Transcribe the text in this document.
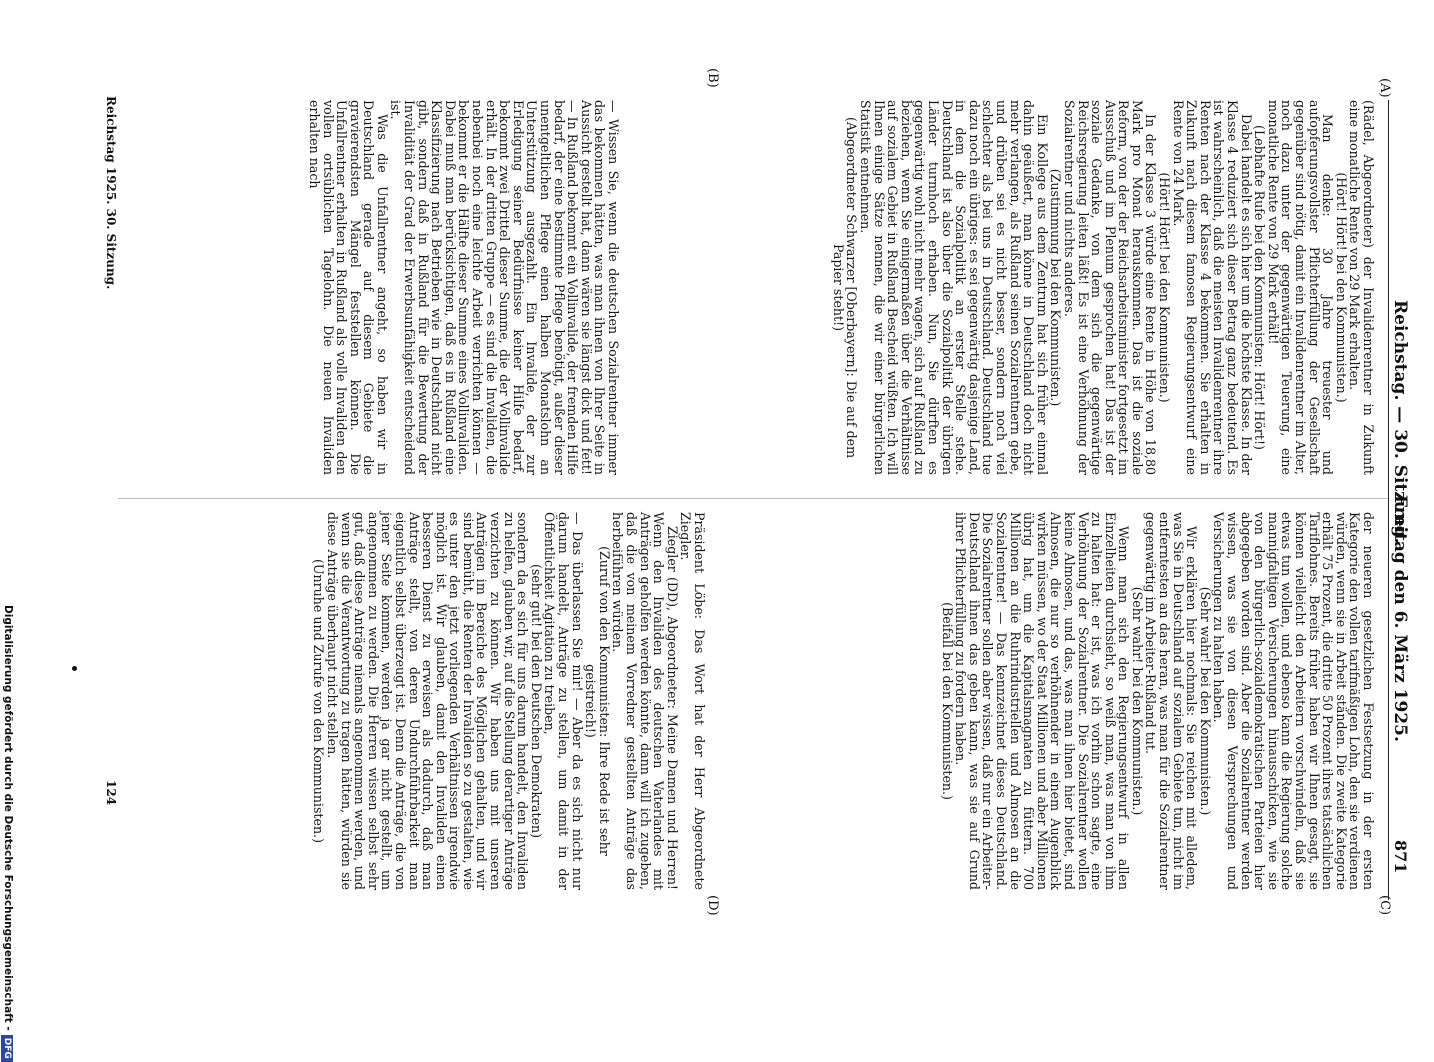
Reichstag. — 30. Sitzung.
Freitag den 6. März 1925.
871
(A)
(B)
(C)
(D)

(Rädel, Abgeordneter) der Invalidenrentner in Zukunft eine monatliche Rente von 29 Mark erhalten.

(Hört! Hört! bei den Kommunisten.)

Man denke: 30 Jahre treuester und aufopferungsvollster Pflichterfüllung der Gesellschaft gegenüber sind nötig, damit ein Invalidenrentner im Alter, noch dazu unter der gegenwärtigen Teuerung, eine monatliche Rente von 29 Mark erhält!

(Lebhafte Rufe bei den Kommunisten: Hört! Hört!)

Dabei handelt es sich hier um die höchste Klasse. In der Klasse 4 reduziert sich dieser Betrag ganz bedeutend. Es ist wahrscheinlich, daß die meisten Invalidenrentner ihre Renten nach der Klasse 4 bekommen. Sie erhalten in Zukunft nach diesem famosen Regierungsentwurf eine Rente von 24 Mark.

(Hört! Hört! bei den Kommunisten.)

In der Klasse 3 würde eine Rente in Höhe von 18,80 Mark pro Monat herauskommen. Das ist die soziale Reform, von der der Reichsarbeitsminister fortgesetzt im Ausschuß und im Plenum gesprochen hat! Das ist der soziale Gedanke, von dem sich die gegenwärtige Reichsregierung leiten läßt! Es ist eine Verhöhnung der Sozialrentner und nichts anderes.

(Zustimmung bei den Kommunisten.)

Ein Kollege aus dem Zentrum hat sich früher einmal dahin geäußert, man könne in Deutschland doch nicht mehr verlangen, als Rußland seinen Sozialrentnern gebe, und drüben sei es nicht besser, sondern noch viel schlechter als bei uns in Deutschland. Deutschland tue dazu noch ein übriges: es sei gegenwärtig dasjenige Land, in dem die Sozialpolitik an erster Stelle stehe. Deutschland ist also über die Sozialpolitik der übrigen Länder turmhoch erhaben. Nun, Sie dürften es gegenwärtig wohl nicht mehr wagen, sich auf Rußland zu beziehen, wenn Sie einigermaßen über die Verhältnisse auf sozialem Gebiet in Rußland Bescheid wüßten. Ich will Ihnen einige Sätze nennen, die wir einer bürgerlichen Statistik entnehmen.

(Abgeordneter Schwarzer [Oberbayern]: Die auf dem Papier steht!)

— Wissen Sie, wenn die deutschen Sozialrentner immer das bekommen hätten, was man ihnen von Ihrer Seite in Aussicht gestellt hat, dann wären sie längst dick und fett! — In Rußland bekommt ein Vollinvalide, der fremden Hilfe bedarf, der eine bestimmte Pflege benötigt, außer dieser unentgeltlichen Pflege einen halben Monatslohn an Unterstützung ausgezahlt. Ein Invalide, der zur Erledigung seiner Bedürfnisse keiner Hilfe bedarf, bekommt zwei Drittel dieser Summe, die der Vollinvalide erhält. In der dritten Gruppe — es sind die Invaliden, die nebenbei noch eine leichte Arbeit verrichten können — bekommt er die Hälfte dieser Summe eines Vollinvaliden. Dabei muß man berücksichtigen, daß es in Rußland eine Klassifizierung nach Betrieben wie in Deutschland nicht gibt, sondern daß in Rußland für die Bewertung der Invalidität der Grad der Erwerbsunfähigkeit entscheidend ist.

Was die Unfallrentner angeht, so haben wir in Deutschland gerade auf diesem Gebiete die gravierendsten Mängel feststellen können. Die Unfallrentner erhalten in Rußland als volle Invaliden den vollen ortsüblichen Tagelohn. Die neuen Invaliden erhalten nach

der neueren gesetzlichen Festsetzung in der ersten Kategorie den vollen tarifmäßigen Lohn, den sie verdienen würden, wenn sie in Arbeit ständen. Die zweite Kategorie erhält 75 Prozent, die dritte 50 Prozent ihres tatsächlichen Tariflohnes. Bereits früher haben wir Ihnen gesagt, sie können vielleicht den Arbeitern vorschwindeln, daß sie etwas tun wollen, und ebenso kann die Regierung solche mannigfaltigen Versicherungen hinausschicken, wie sie von den bürgerlich-sozialdemokratischen Parteien hier abgegeben worden sind. Aber die Sozialrentner werden wissen, was sie von diesen Versprechungen und Versicherungen zu halten haben.

(Sehr wahr! bei den Kommunisten.)

Wir erklären hier nochmals: Sie reichen mit alledem, was Sie in Deutschland auf sozialem Gebiete tun, nicht im entferntesten an das heran, was man für die Sozialrentner gegenwärtig im Arbeiter-Rußland tut.

(Sehr wahr! bei den Kommunisten.)

Wenn man sich den Regierungsentwurf in allen Einzelheiten durchsieht, so weiß man, was man von ihm zu halten hat: er ist, was ich vorhin schon sagte, eine Verhöhnung der Sozialrentner. Die Sozialrentner wollen keine Almosen, und das, was man ihnen hier bietet, sind Almosen, die nur so verhöhnender in einem Augenblick wirken müssen, wo der Staat Millionen und aber Millionen übrig hat, um die Kapitalsmagnaten zu füttern. 700 Millionen an die Ruhrindustriellen und Almosen an die Sozialrentner! — Das kennzeichnet dieses Deutschland. Die Sozialrentner sollen aber wissen, daß nur ein Arbeiter-Deutschland ihnen das geben kann, was sie auf Grund ihrer Pflichterfüllung zu fordern haben.

(Beifall bei den Kommunisten.)

Präsident Löbe: Das Wort hat der Herr Abgeordnete Ziegler.

Ziegler (DD), Abgeordneter: Meine Damen und Herren! Wenn den Invaliden des deutschen Vaterlandes mit Anträgen geholfen werden könnte, dann will ich zugeben, daß die von meinem Vorredner gestellten Anträge das herbeiführen würden.

(Zuruf von den Kommunisten: Ihre Rede ist sehr geistreich!)

— Das überlassen Sie mir! — Aber da es sich nicht nur darum handelt, Anträge zu stellen, um damit in der Öffentlichkeit Agitation zu treiben,

(sehr gut! bei den Deutschen Demokraten)

sondern da es sich für uns darum handelt, den Invaliden zu helfen, glauben wir, auf die Stellung derartiger Anträge verzichten zu können. Wir haben uns mit unseren Anträgen im Bereiche des Möglichen gehalten, und wir sind bemüht, die Renten der Invaliden so zu gestalten, wie es unter den jetzt vorliegenden Verhältnissen irgendwie möglich ist. Wir glauben, damit den Invaliden einen besseren Dienst zu erweisen als dadurch, daß man Anträge stellt, von deren Undurchführbarkeit man eigentlich selbst überzeugt ist. Denn die Anträge, die von jener Seite kommen, werden ja gar nicht gestellt, um angenommen zu werden. Die Herren wissen selbst sehr gut, daß diese Anträge niemals angenommen werden, und wenn sie die Verantwortung zu tragen hätten, würden sie diese Anträge überhaupt nicht stellen.

(Unruhe und Zurufe von den Kommunisten.)

Reichstag 1925. 30. Sitzung.
124
Digitalisierung gefördert durch die Deutsche Forschungsgemeinschaft -DFG
